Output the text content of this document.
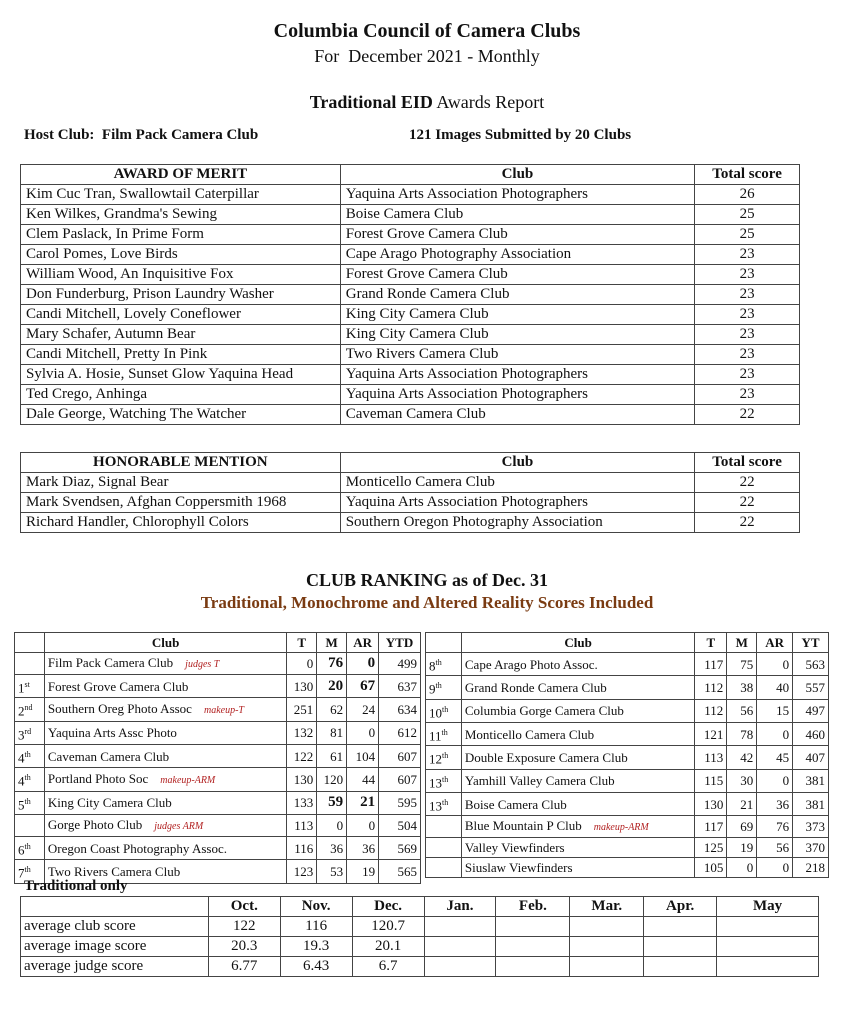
Columbia Council of Camera Clubs
For  December 2021 - Monthly
Traditional EID Awards Report
Host Club:  Film Pack Camera Club	121 Images Submitted by 20 Clubs
AWARD OF MERIT	Club	Total score
Kim Cuc Tran, Swallowtail Caterpillar	Yaquina Arts Association Photographers	26
Ken Wilkes, Grandma's Sewing	Boise Camera Club	25
Clem Paslack, In Prime Form	Forest Grove Camera Club	25
Carol Pomes, Love Birds	Cape Arago Photography Association	23
William Wood, An Inquisitive Fox	Forest Grove Camera Club	23
Don Funderburg, Prison Laundry Washer	Grand Ronde Camera Club	23
Candi Mitchell, Lovely Coneflower	King City Camera Club	23
Mary Schafer, Autumn Bear	King City Camera Club	23
Candi Mitchell, Pretty In Pink	Two Rivers Camera Club	23
Sylvia A. Hosie, Sunset Glow Yaquina Head	Yaquina Arts Association Photographers	23
Ted Crego, Anhinga	Yaquina Arts Association Photographers	23
Dale George, Watching The Watcher	Caveman Camera Club	22
HONORABLE MENTION	Club	Total score
Mark Diaz, Signal Bear	Monticello Camera Club	22
Mark Svendsen, Afghan Coppersmith 1968	Yaquina Arts Association Photographers	22
Richard Handler, Chlorophyll Colors	Southern Oregon Photography Association	22
CLUB RANKING as of Dec. 31
Traditional, Monochrome and Altered Reality Scores Included
	Club	T	M	AR	YTD
	Film Pack Camera Club judges T	0	76	0	499
1st	Forest Grove Camera Club	130	20	67	637
2nd	Southern Oreg Photo Assoc makeup-T	251	62	24	634
3rd	Yaquina Arts Assc Photo	132	81	0	612
4th	Caveman Camera Club	122	61	104	607
4th	Portland Photo Soc makeup-ARM	130	120	44	607
5th	King City Camera Club	133	59	21	595
	Gorge Photo Club judges ARM	113	0	0	504
6th	Oregon Coast Photography Assoc.	116	36	36	569
7th	Two Rivers Camera Club	123	53	19	565
	Club	T	M	AR	YT
8th	Cape Arago Photo Assoc.	117	75	0	563
9th	Grand Ronde Camera Club	112	38	40	557
10th	Columbia Gorge Camera Club	112	56	15	497
11th	Monticello Camera Club	121	78	0	460
12th	Double Exposure Camera Club	113	42	45	407
13th	Yamhill Valley Camera Club	115	30	0	381
13th	Boise Camera Club	130	21	36	381
	Blue Mountain P Club makeup-ARM	117	69	76	373
	Valley Viewfinders	125	19	56	370
	Siuslaw Viewfinders	105	0	0	218
Traditional only
	Oct.	Nov.	Dec.	Jan.	Feb.	Mar.	Apr.	May
average club score	122	116	120.7					
average image score	20.3	19.3	20.1					
average judge score	6.77	6.43	6.7					
